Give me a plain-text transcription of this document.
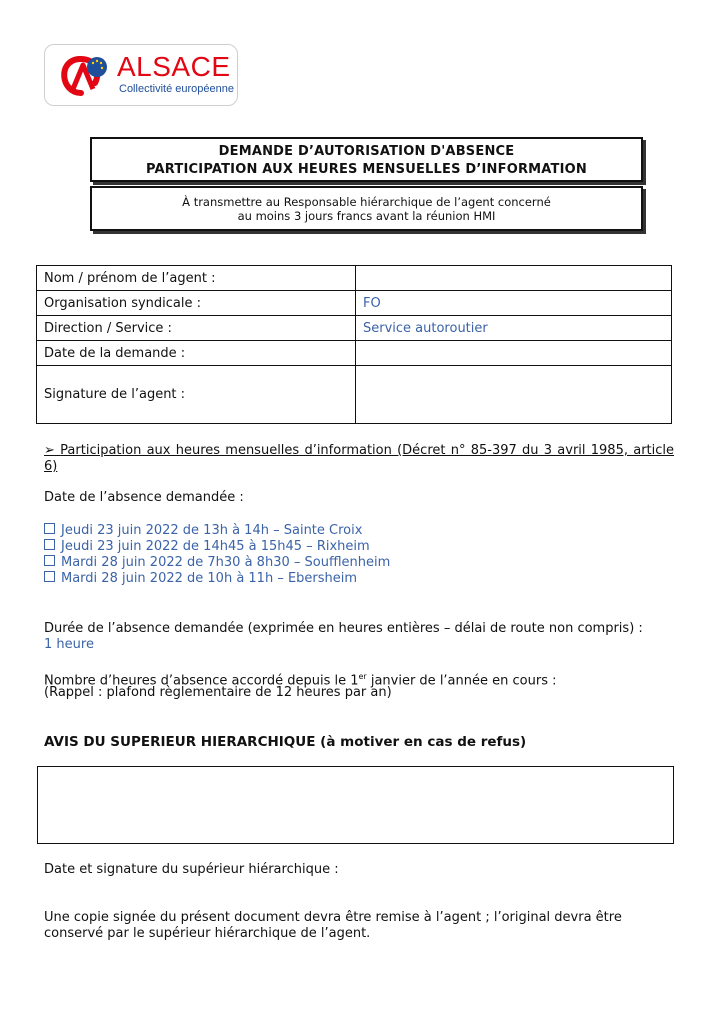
ALSACE
Collectivité européenne
DEMANDE D’AUTORISATION D'ABSENCE
PARTICIPATION AUX HEURES MENSUELLES D’INFORMATION
À transmettre au Responsable hiérarchique de l’agent concerné
au moins 3 jours francs avant la réunion HMI
Nom / prénom de l’agent :	
Organisation syndicale :	FO
Direction / Service :	Service autoroutier
Date de la demande :	
Signature de l’agent :	
➢ Participation aux heures mensuelles d’information (Décret n° 85-397 du 3 avril 1985, article 6)
Date de l’absence demandée :
Jeudi 23 juin 2022 de 13h à 14h – Sainte Croix
Jeudi 23 juin 2022 de 14h45 à 15h45 – Rixheim
Mardi 28 juin 2022 de 7h30 à 8h30 – Soufflenheim
Mardi 28 juin 2022 de 10h à 11h – Ebersheim
Durée de l’absence demandée (exprimée en heures entières – délai de route non compris) :
1 heure
Nombre d’heures d’absence accordé depuis le 1er janvier de l’année en cours :
(Rappel : plafond règlementaire de 12 heures par an)
AVIS DU SUPERIEUR HIERARCHIQUE (à motiver en cas de refus)
Date et signature du supérieur hiérarchique :
Une copie signée du présent document devra être remise à l’agent ; l’original devra être conservé par le supérieur hiérarchique de l’agent.
